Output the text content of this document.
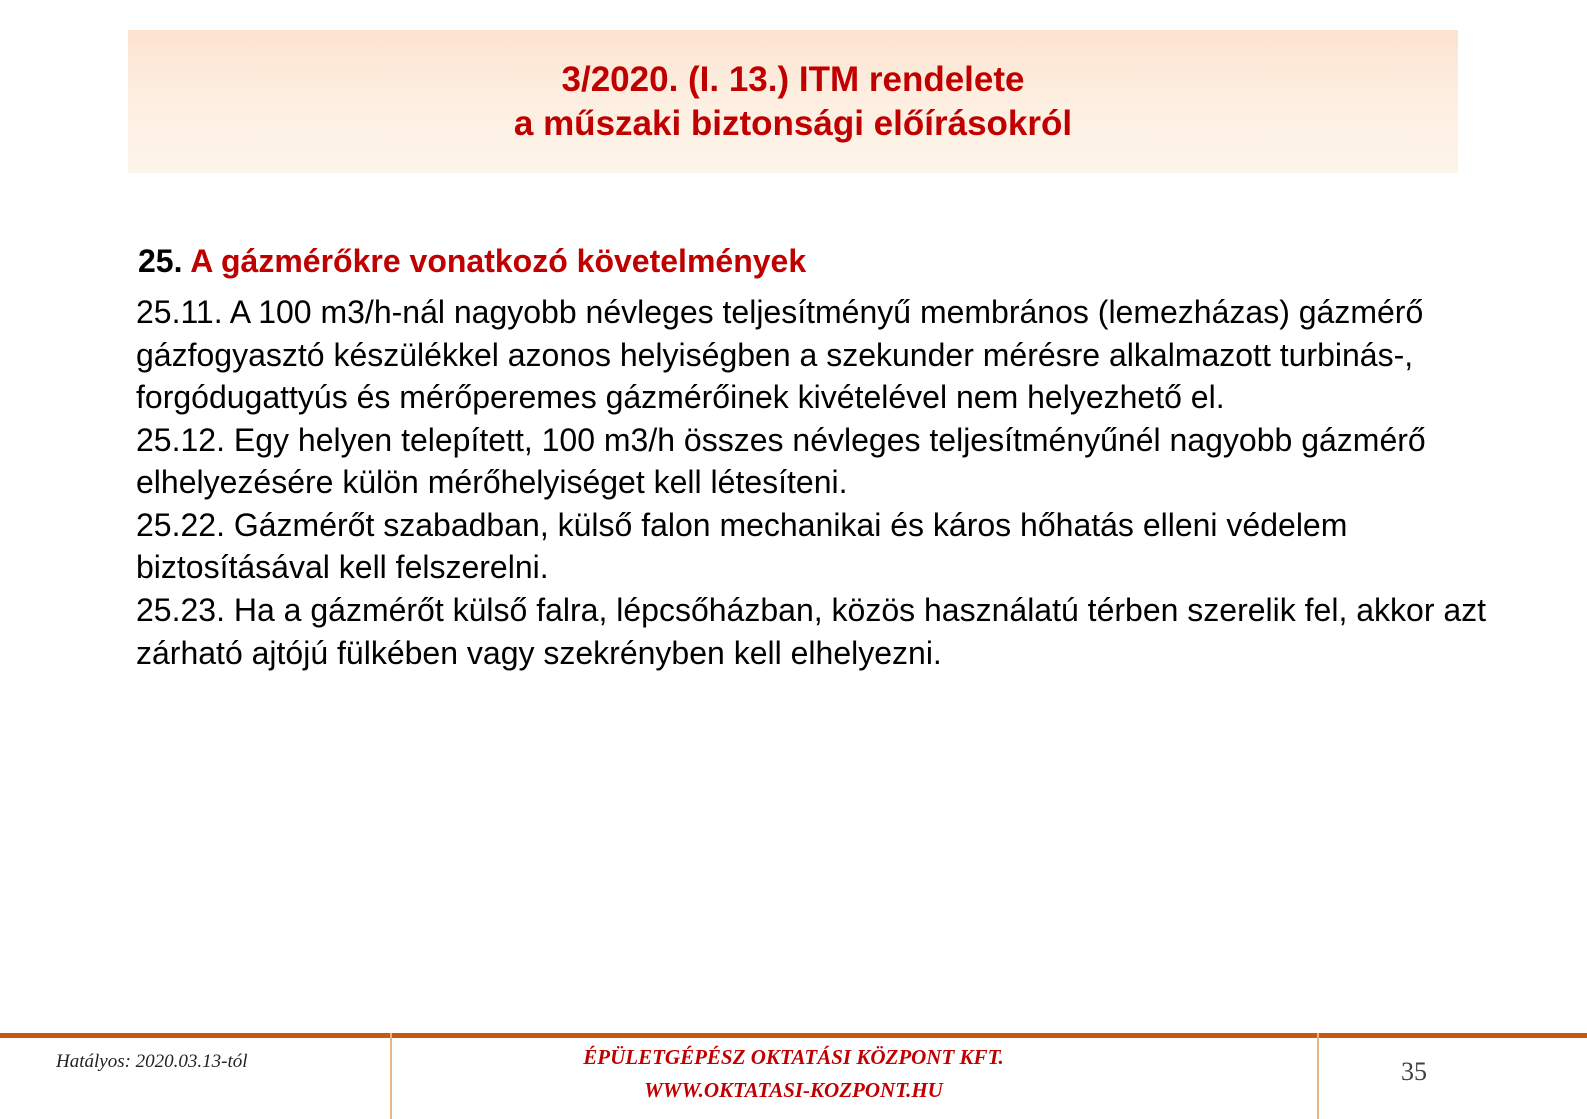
3/2020. (I. 13.) ITM rendelete
a műszaki biztonsági előírásokról
25. A gázmérőkre vonatkozó követelmények

25.11. A 100 m3/h-nál nagyobb névleges teljesítményű membrános (lemezházas) gázmérő gázfogyasztó készülékkel azonos helyiségben a szekunder mérésre alkalmazott turbinás-, forgódugattyús és mérőperemes gázmérőinek kivételével nem helyezhető el.

25.12. Egy helyen telepített, 100 m3/h összes névleges teljesítményűnél nagyobb gázmérő elhelyezésére külön mérőhelyiséget kell létesíteni.

25.22. Gázmérőt szabadban, külső falon mechanikai és káros hőhatás elleni védelem biztosításával kell felszerelni.

25.23. Ha a gázmérőt külső falra, lépcsőházban, közös használatú térben szerelik fel, akkor azt zárható ajtójú fülkében vagy szekrényben kell elhelyezni.

Hatályos: 2020.03.13-tól	ÉPÜLETGÉPÉSZ OKTATÁSI KÖZPONT KFT.
WWW.OKTATASI-KOZPONT.HU
35
